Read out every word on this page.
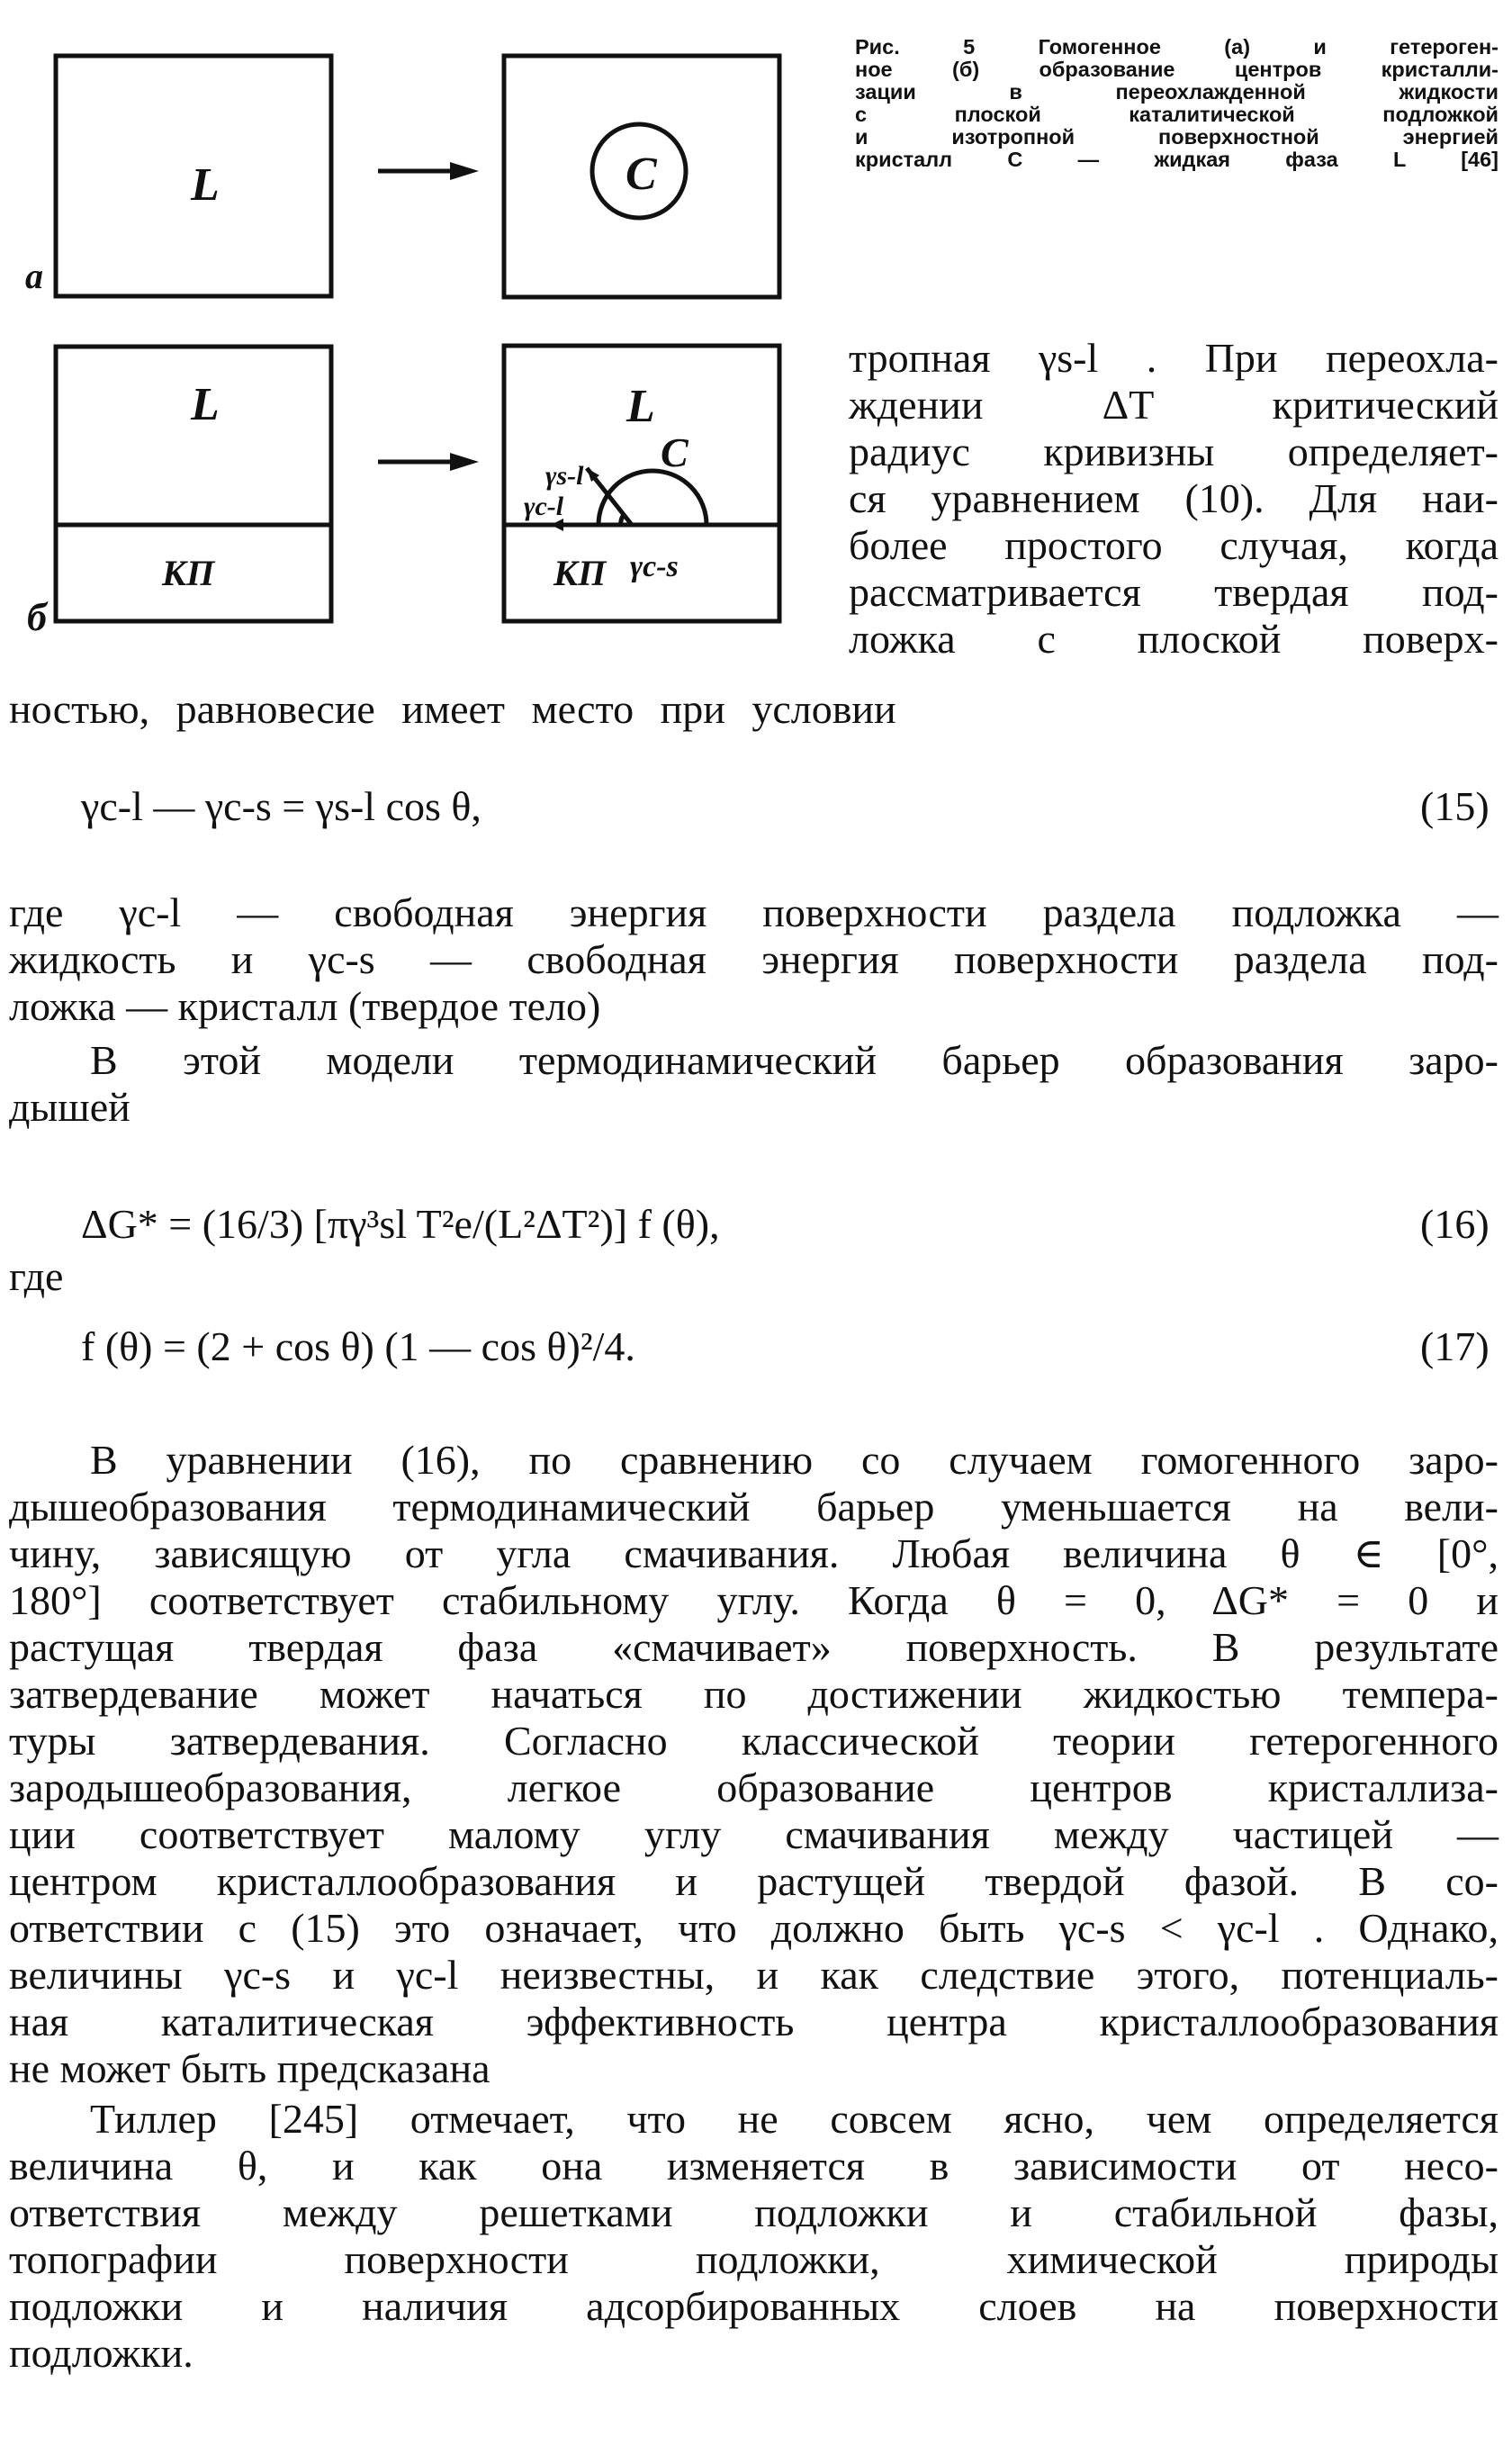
L	C
а
L
КП
б
L
C
γs-l
γc-l
КП γc-s
Рис. 5 Гомогенное (а) и гетероген-
ное (б) образование центров кристалли-
зации в переохлажденной жидкости
с плоской каталитической подложкой
и изотропной поверхностной энергией
кристалл С — жидкая фаза L [46]
тропная γs-l . При переохла-
ждении ΔT критический
радиус кривизны определяет-
ся уравнением (10). Для наи-
более простого случая, когда
рассматривается твердая под-
ложка с плоской поверх-
ностью, равновесие имеет место при условии
γc-l — γc-s = γs-l cos θ,	(15)
где γc-l — свободная энергия поверхности раздела подложка —
жидкость и γc-s — свободная энергия поверхности раздела под-
ложка — кристалл (твердое тело)
В этой модели термодинамический барьер образования заро-
дышей
ΔG* = (16/3) [πγ³sl T²e/(L²ΔT²)] f (θ),	(16)
где
f (θ) = (2 + cos θ) (1 — cos θ)²/4.	(17)
В уравнении (16), по сравнению со случаем гомогенного заро-
дышеобразования термодинамический барьер уменьшается на вели-
чину, зависящую от угла смачивания. Любая величина θ ∈ [0°,
180°] соответствует стабильному углу. Когда θ = 0, ΔG* = 0 и
растущая твердая фаза «смачивает» поверхность. В результате
затвердевание может начаться по достижении жидкостью темпера-
туры затвердевания. Согласно классической теории гетерогенного
зародышеобразования, легкое образование центров кристаллиза-
ции соответствует малому углу смачивания между частицей —
центром кристаллообразования и растущей твердой фазой. В со-
ответствии с (15) это означает, что должно быть γc-s < γc-l . Однако,
величины γc-s и γc-l неизвестны, и как следствие этого, потенциаль-
ная каталитическая эффективность центра кристаллообразования
не может быть предсказана
Тиллер [245] отмечает, что не совсем ясно, чем определяется
величина θ, и как она изменяется в зависимости от несо-
ответствия между решетками подложки и стабильной фазы,
топографии поверхности подложки, химической природы
подложки и наличия адсорбированных слоев на поверхности
подложки.
